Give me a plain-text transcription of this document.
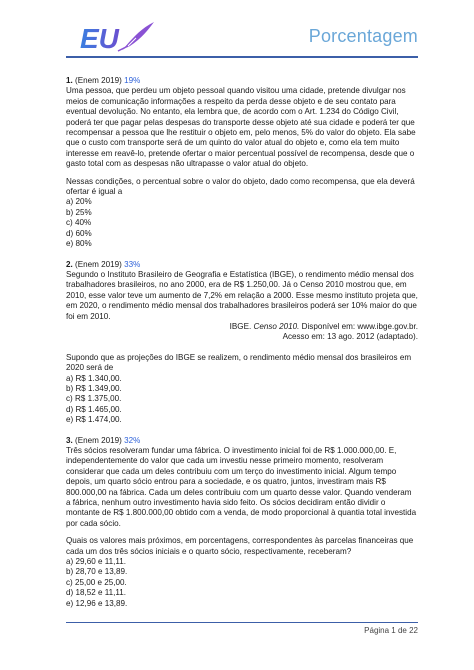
EU	Porcentagem

1. (Enem 2019) 19%

Uma pessoa, que perdeu um objeto pessoal quando visitou uma cidade, pretende divulgar nos meios de comunicação informações a respeito da perda desse objeto e de seu contato para eventual devolução. No entanto, ela lembra que, de acordo com o Art. 1.234 do Código Civil, poderá ter que pagar pelas despesas do transporte desse objeto até sua cidade e poderá ter que recompensar a pessoa que lhe restituir o objeto em, pelo menos, 5% do valor do objeto. Ela sabe que o custo com transporte será de um quinto do valor atual do objeto e, como ela tem muito interesse em reavê-lo, pretende ofertar o maior percentual possível de recompensa, desde que o gasto total com as despesas não ultrapasse o valor atual do objeto.

Nessas condições, o percentual sobre o valor do objeto, dado como recompensa, que ela deverá ofertar é igual a

a) 20%

b) 25%

c) 40%

d) 60%

e) 80%

2. (Enem 2019) 33%

Segundo o Instituto Brasileiro de Geografia e Estatística (IBGE), o rendimento médio mensal dos trabalhadores brasileiros, no ano 2000, era de R$ 1.250,00. Já o Censo 2010 mostrou que, em 2010, esse valor teve um aumento de 7,2% em relação a 2000. Esse mesmo instituto projeta que, em 2020, o rendimento médio mensal dos trabalhadores brasileiros poderá ser 10% maior do que foi em 2010.

IBGE. Censo 2010. Disponível em: www.ibge.gov.br.

Acesso em: 13 ago. 2012 (adaptado).

Supondo que as projeções do IBGE se realizem, o rendimento médio mensal dos brasileiros em 2020 será de

a) R$ 1.340,00.

b) R$ 1.349,00.

c) R$ 1.375,00.

d) R$ 1.465,00.

e) R$ 1.474,00.

3. (Enem 2019) 32%

Três sócios resolveram fundar uma fábrica. O investimento inicial foi de R$ 1.000.000,00. E, independentemente do valor que cada um investiu nesse primeiro momento, resolveram considerar que cada um deles contribuiu com um terço do investimento inicial. Algum tempo depois, um quarto sócio entrou para a sociedade, e os quatro, juntos, investiram mais R$ 800.000,00 na fábrica. Cada um deles contribuiu com um quarto desse valor. Quando venderam a fábrica, nenhum outro investimento havia sido feito. Os sócios decidiram então dividir o montante de R$ 1.800.000,00 obtido com a venda, de modo proporcional à quantia total investida por cada sócio.

Quais os valores mais próximos, em porcentagens, correspondentes às parcelas financeiras que cada um dos três sócios iniciais e o quarto sócio, respectivamente, receberam?

a) 29,60 e 11,11.

b) 28,70 e 13,89.

c) 25,00 e 25,00.

d) 18,52 e 11,11.

e) 12,96 e 13,89.

Página 1 de 22
